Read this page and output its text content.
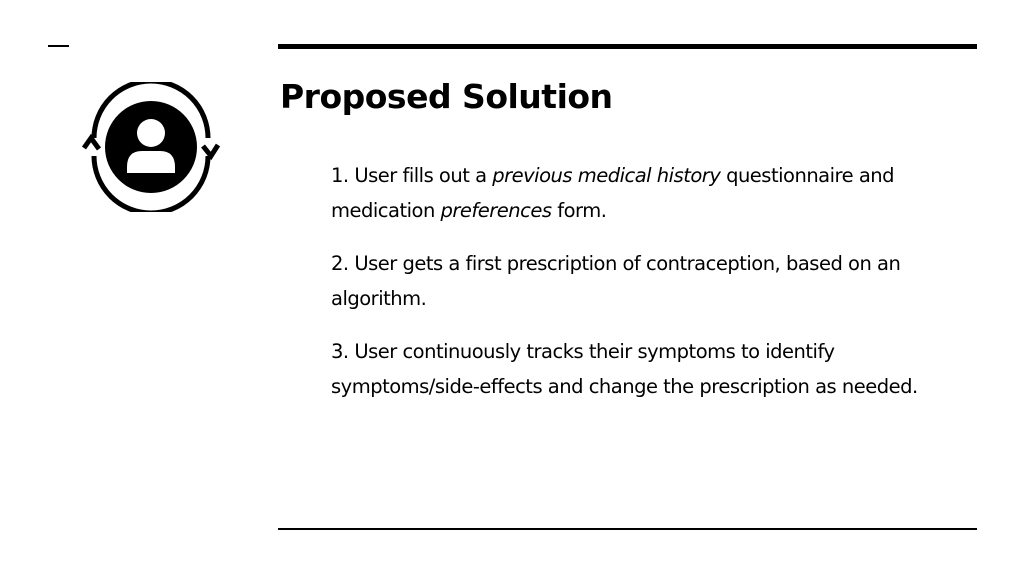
Proposed Solution
1. User fills out a previous medical history questionnaire and medication preferences form.
2. User gets a first prescription of contraception, based on an algorithm.
3. User continuously tracks their symptoms to identify symptoms/side-effects and change the prescription as needed.
